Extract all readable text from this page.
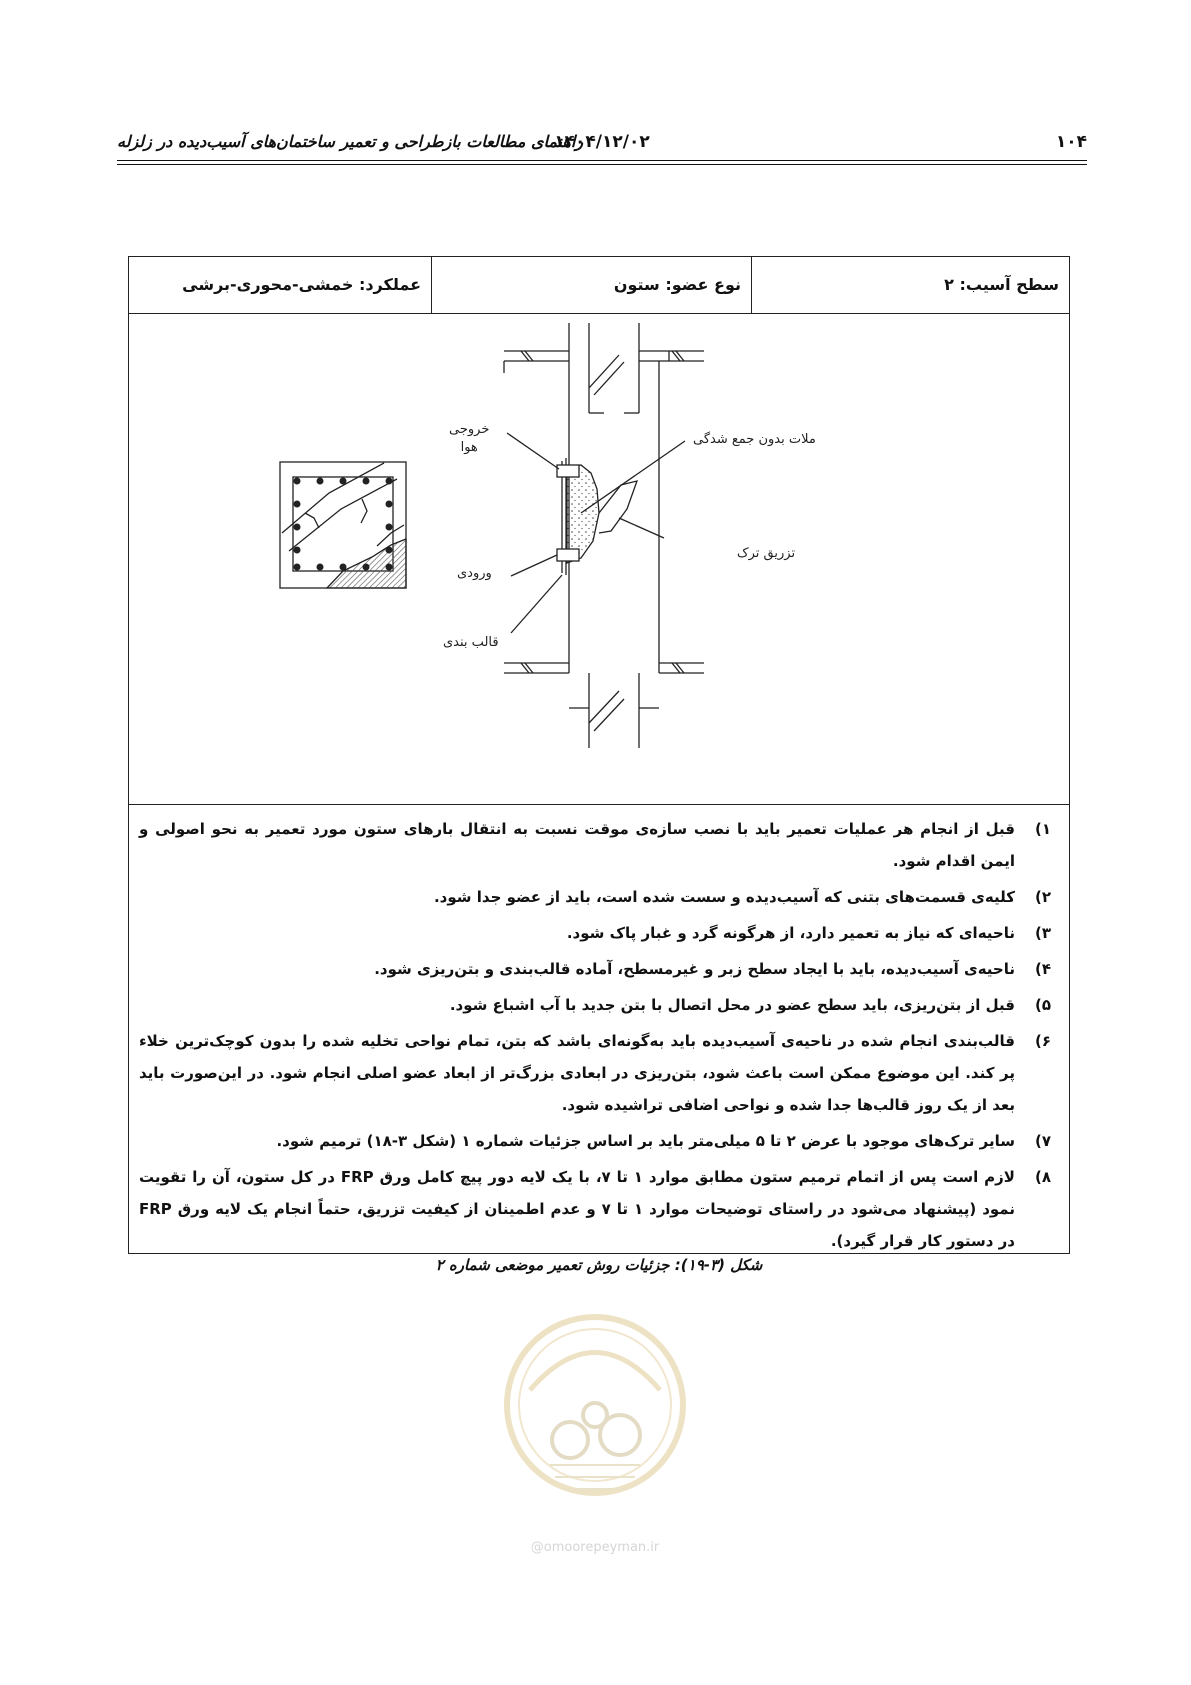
۱۰۴
۱۴۰۴/۱۲/۰۲
راهنمای مطالعات بازطراحی و تعمیر ساختمان‌های آسیب‌دیده در زلزله
سطح آسیب: ۲
نوع عضو: ستون
عملکرد: خمشی-محوری-برشی
خروجی
هوا
ملات بدون جمع شدگی
تزریق ترک
ورودی
قالب بندی
۱)
قبل از انجام هر عملیات تعمیر باید با نصب سازه‌ی موقت نسبت به انتقال بارهای ستون مورد تعمیر به نحو اصولی و ایمن اقدام شود.
۲)
کلیه‌ی قسمت‌های بتنی که آسیب‌دیده و سست شده است، باید از عضو جدا شود.
۳)
ناحیه‌ای که نیاز به تعمیر دارد، از هرگونه گرد و غبار پاک شود.
۴)
ناحیه‌ی آسیب‌دیده، باید با ایجاد سطح زبر و غیرمسطح، آماده قالب‌بندی و بتن‌ریزی شود.
۵)
قبل از بتن‌ریزی، باید سطح عضو در محل اتصال با بتن جدید با آب اشباع شود.
۶)
قالب‌بندی انجام شده در ناحیه‌ی آسیب‌دیده باید به‌گونه‌ای باشد که بتن، تمام نواحی تخلیه شده را بدون کوچک‌ترین خلاء پر کند. این موضوع ممکن است باعث شود، بتن‌ریزی در ابعادی بزرگ‌تر از ابعاد عضو اصلی انجام شود. در این‌صورت باید بعد از یک روز قالب‌ها جدا شده و نواحی اضافی تراشیده شود.
۷)
سایر ترک‌های موجود با عرض ۲ تا ۵ میلی‌متر باید بر اساس جزئیات شماره ۱ (شکل ۳-۱۸) ترمیم شود.
۸)
لازم است پس از اتمام ترمیم ستون مطابق موارد ۱ تا ۷، با یک لایه دور پیچ کامل ورق FRP در کل ستون، آن را تقویت نمود (پیشنهاد می‌شود در راستای توضیحات موارد ۱ تا ۷ و عدم اطمینان از کیفیت تزریق، حتماً انجام یک لایه ورق FRP در دستور کار قرار گیرد).
شکل (۳-۱۹): جزئیات روش تعمیر موضعی شماره ۲
@omoorepeyman.ir
